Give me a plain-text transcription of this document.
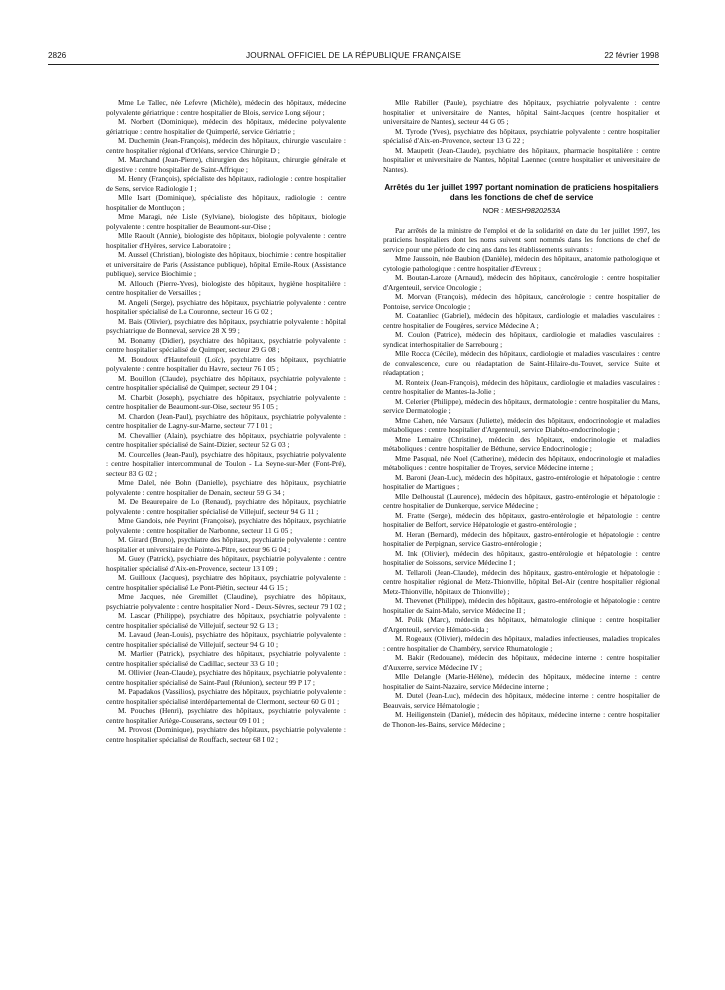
2826	JOURNAL OFFICIEL DE LA RÉPUBLIQUE FRANÇAISE	22 février 1998

Mme Le Tallec, née Lefevre (Michèle), médecin des hôpitaux, médecine polyvalente gériatrique : centre hospitalier de Blois, service Long séjour ;

M. Norbert (Dominique), médecin des hôpitaux, médecine polyvalente gériatrique : centre hospitalier de Quimperlé, service Gériatrie ;

M. Duchemin (Jean-François), médecin des hôpitaux, chirurgie vasculaire : centre hospitalier régional d'Orléans, service Chirurgie D ;

M. Marchand (Jean-Pierre), chirurgien des hôpitaux, chirurgie générale et digestive : centre hospitalier de Saint-Affrique ;

M. Henry (François), spécialiste des hôpitaux, radiologie : centre hospitalier de Sens, service Radiologie I ;

Mlle Isart (Dominique), spécialiste des hôpitaux, radiologie : centre hospitalier de Montluçon ;

Mme Maragi, née Lisle (Sylviane), biologiste des hôpitaux, biologie polyvalente : centre hospitalier de Beaumont-sur-Oise ;

Mlle Raoult (Annie), biologiste des hôpitaux, biologie polyvalente : centre hospitalier d'Hyères, service Laboratoire ;

M. Aussel (Christian), biologiste des hôpitaux, biochimie : centre hospitalier et universitaire de Paris (Assistance publique), hôpital Emile-Roux (Assistance publique), service Biochimie ;

M. Allouch (Pierre-Yves), biologiste des hôpitaux, hygiène hospitalière : centre hospitalier de Versailles ;

M. Angeli (Serge), psychiatre des hôpitaux, psychiatrie polyvalente : centre hospitalier spécialisé de La Couronne, secteur 16 G 02 ;

M. Bais (Olivier), psychiatre des hôpitaux, psychiatrie polyvalente : hôpital psychiatrique de Bonneval, service 28 X 99 ;

M. Bonamy (Didier), psychiatre des hôpitaux, psychiatrie polyvalente : centre hospitalier spécialisé de Quimper, secteur 29 G 08 ;

M. Boudoux d'Hautefeuil (Loïc), psychiatre des hôpitaux, psychiatrie polyvalente : centre hospitalier du Havre, secteur 76 I 05 ;

M. Bouillon (Claude), psychiatre des hôpitaux, psychiatrie polyvalente : centre hospitalier spécialisé de Quimper, secteur 29 I 04 ;

M. Charbit (Joseph), psychiatre des hôpitaux, psychiatrie polyvalente : centre hospitalier de Beaumont-sur-Oise, secteur 95 I 05 ;

M. Chardon (Jean-Paul), psychiatre des hôpitaux, psychiatrie polyvalente : centre hospitalier de Lagny-sur-Marne, secteur 77 I 01 ;

M. Chevallier (Alain), psychiatre des hôpitaux, psychiatrie polyvalente : centre hospitalier spécialisé de Saint-Dizier, secteur 52 G 03 ;

M. Courcelles (Jean-Paul), psychiatre des hôpitaux, psychiatrie polyvalente : centre hospitalier intercommunal de Toulon - La Seyne-sur-Mer (Font-Pré), secteur 83 G 02 ;

Mme Dalel, née Bohn (Danielle), psychiatre des hôpitaux, psychiatrie polyvalente : centre hospitalier de Denain, secteur 59 G 34 ;

M. De Beaurepaire de Lo (Renaud), psychiatre des hôpitaux, psychiatrie polyvalente : centre hospitalier spécialisé de Villejuif, secteur 94 G 11 ;

Mme Gandois, née Peyrint (Françoise), psychiatre des hôpitaux, psychiatrie polyvalente : centre hospitalier de Narbonne, secteur 11 G 05 ;

M. Girard (Bruno), psychiatre des hôpitaux, psychiatrie polyvalente : centre hospitalier et universitaire de Pointe-à-Pitre, secteur 96 G 04 ;

M. Guey (Patrick), psychiatre des hôpitaux, psychiatrie polyvalente : centre hospitalier spécialisé d'Aix-en-Provence, secteur 13 I 09 ;

M. Guilloux (Jacques), psychiatre des hôpitaux, psychiatrie polyvalente : centre hospitalier spécialisé Le Pont-Piétin, secteur 44 G 15 ;

Mme Jacques, née Gremillet (Claudine), psychiatre des hôpitaux, psychiatrie polyvalente : centre hospitalier Nord - Deux-Sèvres, secteur 79 I 02 ;

M. Lascar (Philippe), psychiatre des hôpitaux, psychiatrie polyvalente : centre hospitalier spécialisé de Villejuif, secteur 92 G 13 ;

M. Lavaud (Jean-Louis), psychiatre des hôpitaux, psychiatrie polyvalente : centre hospitalier spécialisé de Villejuif, secteur 94 G 10 ;

M. Marlier (Patrick), psychiatre des hôpitaux, psychiatrie polyvalente : centre hospitalier spécialisé de Cadillac, secteur 33 G 10 ;

M. Ollivier (Jean-Claude), psychiatre des hôpitaux, psychiatrie polyvalente : centre hospitalier spécialisé de Saint-Paul (Réunion), secteur 99 P 17 ;

M. Papadakos (Vassilios), psychiatre des hôpitaux, psychiatrie polyvalente : centre hospitalier spécialisé interdépartemental de Clermont, secteur 60 G 01 ;

M. Pouches (Henri), psychiatre des hôpitaux, psychiatrie polyvalente : centre hospitalier Ariège-Couserans, secteur 09 I 01 ;

M. Provost (Dominique), psychiatre des hôpitaux, psychiatrie polyvalente : centre hospitalier spécialisé de Rouffach, secteur 68 I 02 ;

Mlle Rabiller (Paule), psychiatre des hôpitaux, psychiatrie polyvalente : centre hospitalier et universitaire de Nantes, hôpital Saint-Jacques (centre hospitalier et universitaire de Nantes), secteur 44 G 05 ;

M. Tyrode (Yves), psychiatre des hôpitaux, psychiatrie polyvalente : centre hospitalier spécialisé d'Aix-en-Provence, secteur 13 G 22 ;

M. Maupetit (Jean-Claude), psychiatre des hôpitaux, pharmacie hospitalière : centre hospitalier et universitaire de Nantes, hôpital Laennec (centre hospitalier et universitaire de Nantes).

Arrêtés du 1er juillet 1997 portant nomination de praticiens hospitaliers dans les fonctions de chef de service

NOR : MESH9820253A

Par arrêtés de la ministre de l'emploi et de la solidarité en date du 1er juillet 1997, les praticiens hospitaliers dont les noms suivent sont nommés dans les fonctions de chef de service pour une période de cinq ans dans les établissements suivants :

Mme Jaussoin, née Baubion (Danièle), médecin des hôpitaux, anatomie pathologique et cytologie pathologique : centre hospitalier d'Evreux ;

M. Boutan-Laroze (Arnaud), médecin des hôpitaux, cancérologie : centre hospitalier d'Argenteuil, service Oncologie ;

M. Morvan (François), médecin des hôpitaux, cancérologie : centre hospitalier de Pontoise, service Oncologie ;

M. Coatanliec (Gabriel), médecin des hôpitaux, cardiologie et maladies vasculaires : centre hospitalier de Fougères, service Médecine A ;

M. Coulon (Patrice), médecin des hôpitaux, cardiologie et maladies vasculaires : syndicat interhospitalier de Sarrebourg ;

Mlle Rocca (Cécile), médecin des hôpitaux, cardiologie et maladies vasculaires : centre de convalescence, cure ou réadaptation de Saint-Hilaire-du-Touvet, service Suite et réadaptation ;

M. Ronteix (Jean-François), médecin des hôpitaux, cardiologie et maladies vasculaires : centre hospitalier de Mantes-la-Jolie ;

M. Celerier (Philippe), médecin des hôpitaux, dermatologie : centre hospitalier du Mans, service Dermatologie ;

Mme Cahen, née Varsaux (Juliette), médecin des hôpitaux, endocrinologie et maladies métaboliques : centre hospitalier d'Argenteuil, service Diabéto-endocrinologie ;

Mme Lemaire (Christine), médecin des hôpitaux, endocrinologie et maladies métaboliques : centre hospitalier de Béthune, service Endocrinologie ;

Mme Pasqual, née Noel (Catherine), médecin des hôpitaux, endocrinologie et maladies métaboliques : centre hospitalier de Troyes, service Médecine interne ;

M. Baroni (Jean-Luc), médecin des hôpitaux, gastro-entérologie et hépatologie : centre hospitalier de Martigues ;

Mlle Delhoustal (Laurence), médecin des hôpitaux, gastro-entérologie et hépatologie : centre hospitalier de Dunkerque, service Médecine ;

M. Fratte (Serge), médecin des hôpitaux, gastro-entérologie et hépatologie : centre hospitalier de Belfort, service Hépatologie et gastro-entérologie ;

M. Heran (Bernard), médecin des hôpitaux, gastro-entérologie et hépatologie : centre hospitalier de Perpignan, service Gastro-entérologie ;

M. Ink (Olivier), médecin des hôpitaux, gastro-entérologie et hépatologie : centre hospitalier de Soissons, service Médecine I ;

M. Tellaroli (Jean-Claude), médecin des hôpitaux, gastro-entérologie et hépatologie : centre hospitalier régional de Metz-Thionville, hôpital Bel-Air (centre hospitalier régional Metz-Thionville, hôpitaux de Thionville) ;

M. Thevenet (Philippe), médecin des hôpitaux, gastro-entérologie et hépatologie : centre hospitalier de Saint-Malo, service Médecine II ;

M. Polik (Marc), médecin des hôpitaux, hématologie clinique : centre hospitalier d'Argenteuil, service Hémato-sida ;

M. Rogeaux (Olivier), médecin des hôpitaux, maladies infectieuses, maladies tropicales : centre hospitalier de Chambéry, service Rhumatologie ;

M. Bakir (Redouane), médecin des hôpitaux, médecine interne : centre hospitalier d'Auxerre, service Médecine IV ;

Mlle Delangle (Marie-Hélène), médecin des hôpitaux, médecine interne : centre hospitalier de Saint-Nazaire, service Médecine interne ;

M. Dutel (Jean-Luc), médecin des hôpitaux, médecine interne : centre hospitalier de Beauvais, service Hématologie ;

M. Heiligenstein (Daniel), médecin des hôpitaux, médecine interne : centre hospitalier de Thonon-les-Bains, service Médecine ;
